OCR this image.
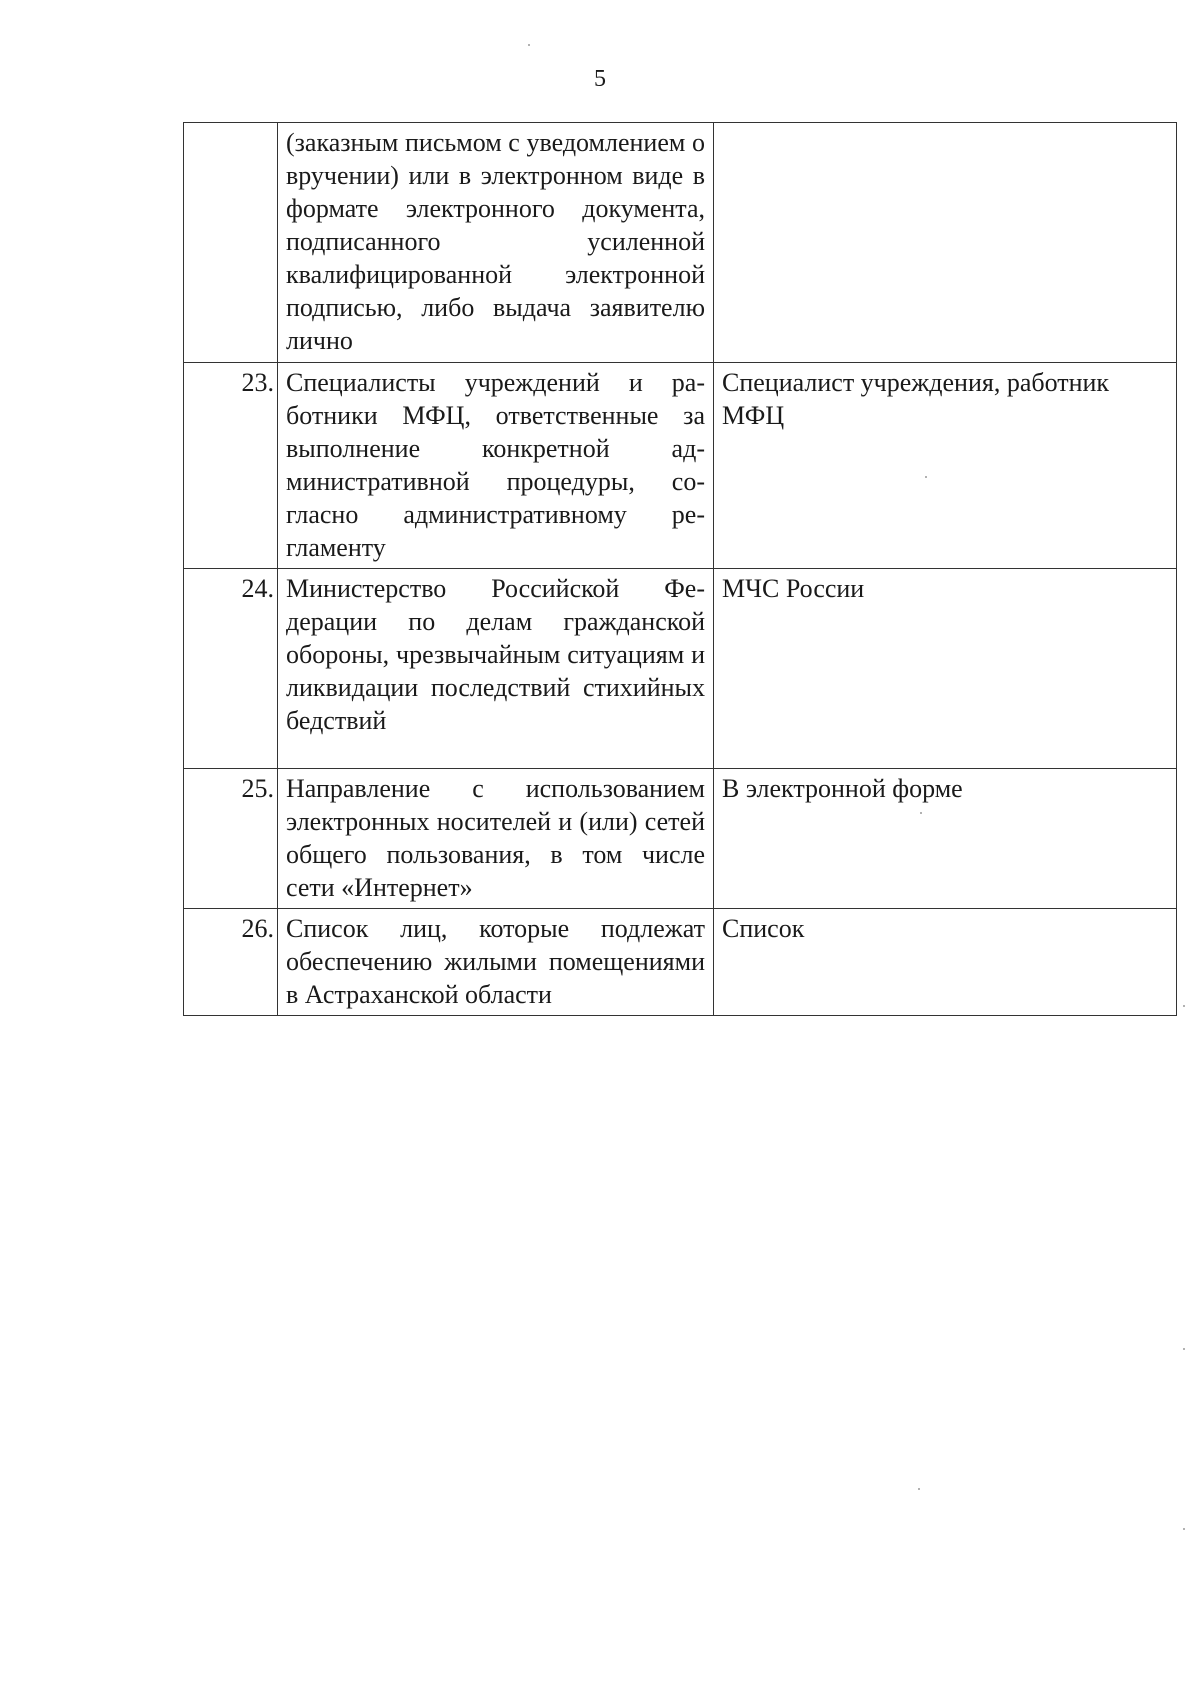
5
	(заказным письмом с уведомлением о вручении) или в электронном виде в формате электронного документа, подписанного усиленной квалифицированной электронной подписью, либо выдача заявителю лично	
23.	Специалисты учреждений и работники МФЦ, ответственные за выполнение конкретной административной процедуры, согласно административному регламенту	Специалист учреждения, работник МФЦ
24.	Министерство Российской Федерации по делам гражданской обороны, чрезвычайным ситуациям и ликвидации последствий стихийных бедствий	МЧС России
25.	Направление с использованием электронных носителей и (или) сетей общего пользования, в том числе сети «Интернет»	В электронной форме
26.	Список лиц, которые подлежат обеспечению жилыми помещениями в Астраханской области	Список
